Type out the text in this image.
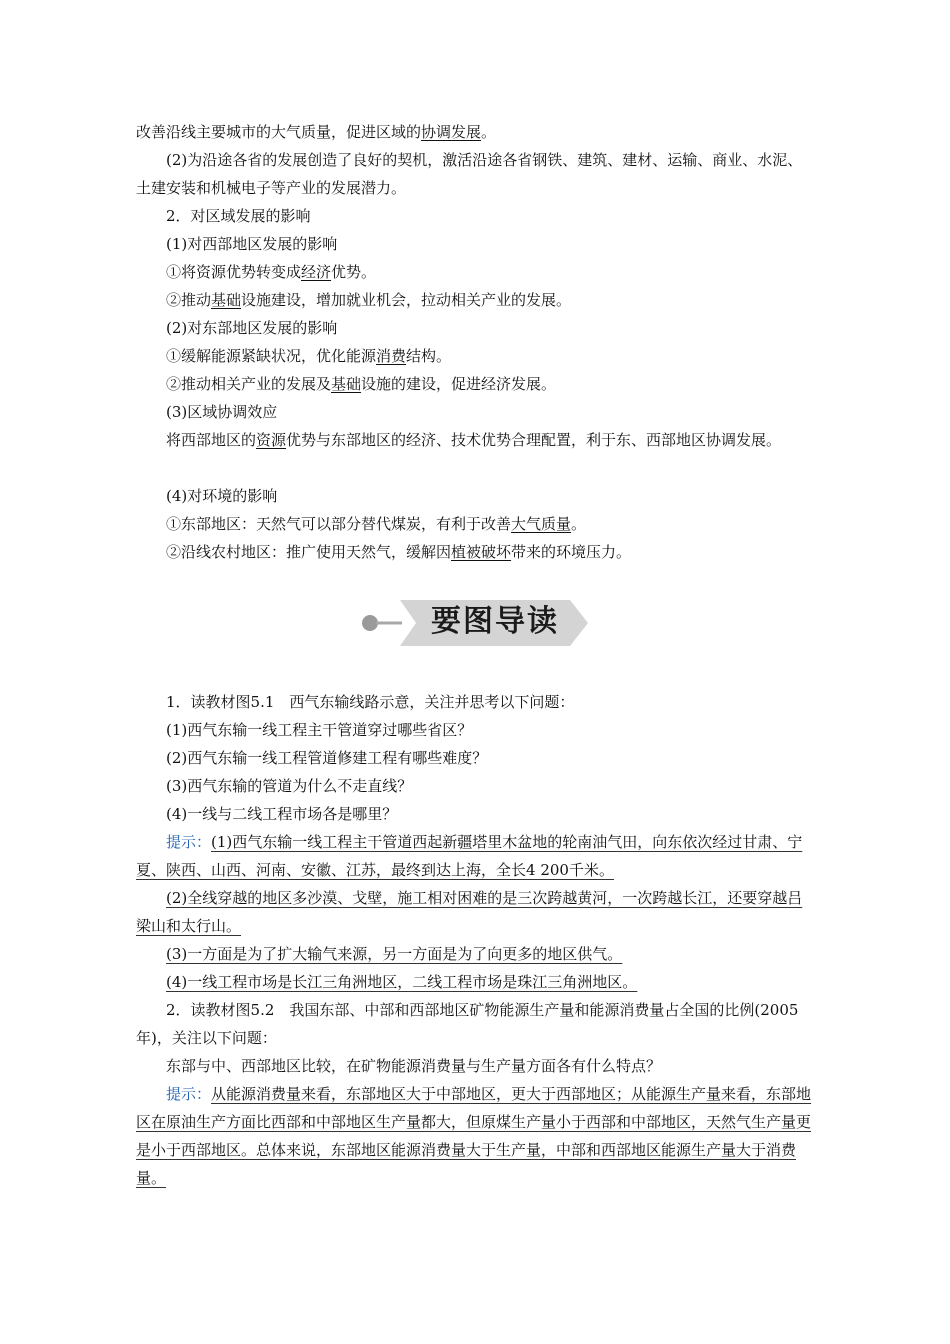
改善沿线主要城市的大气质量，促进区域的协调发展。

(2)为沿途各省的发展创造了良好的契机，激活沿途各省钢铁、建筑、建材、运输、商业、水泥、土建安装和机械电子等产业的发展潜力。

2．对区域发展的影响

(1)对西部地区发展的影响

①将资源优势转变成经济优势。

②推动基础设施建设，增加就业机会，拉动相关产业的发展。

(2)对东部地区发展的影响

①缓解能源紧缺状况，优化能源消费结构。

②推动相关产业的发展及基础设施的建设，促进经济发展。

(3)区域协调效应

将西部地区的资源优势与东部地区的经济、技术优势合理配置，利于东、西部地区协调发展。

(4)对环境的影响

①东部地区：天然气可以部分替代煤炭，有利于改善大气质量。

②沿线农村地区：推广使用天然气，缓解因植被破坏带来的环境压力。

要图导读

1．读教材图5.1　西气东输线路示意，关注并思考以下问题：

(1)西气东输一线工程主干管道穿过哪些省区？

(2)西气东输一线工程管道修建工程有哪些难度？

(3)西气东输的管道为什么不走直线？

(4)一线与二线工程市场各是哪里？

提示：(1)西气东输一线工程主干管道西起新疆塔里木盆地的轮南油气田，向东依次经过甘肃、宁夏、陕西、山西、河南、安徽、江苏，最终到达上海，全长4 200千米。

(2)全线穿越的地区多沙漠、戈壁，施工相对困难的是三次跨越黄河，一次跨越长江，还要穿越吕梁山和太行山。

(3)一方面是为了扩大输气来源，另一方面是为了向更多的地区供气。

(4)一线工程市场是长江三角洲地区，二线工程市场是珠江三角洲地区。

2．读教材图5.2　我国东部、中部和西部地区矿物能源生产量和能源消费量占全国的比例(2005年)，关注以下问题：

东部与中、西部地区比较，在矿物能源消费量与生产量方面各有什么特点？

提示：从能源消费量来看，东部地区大于中部地区，更大于西部地区；从能源生产量来看，东部地区在原油生产方面比西部和中部地区生产量都大，但原煤生产量小于西部和中部地区，天然气生产量更是小于西部地区。总体来说，东部地区能源消费量大于生产量，中部和西部地区能源生产量大于消费量。
